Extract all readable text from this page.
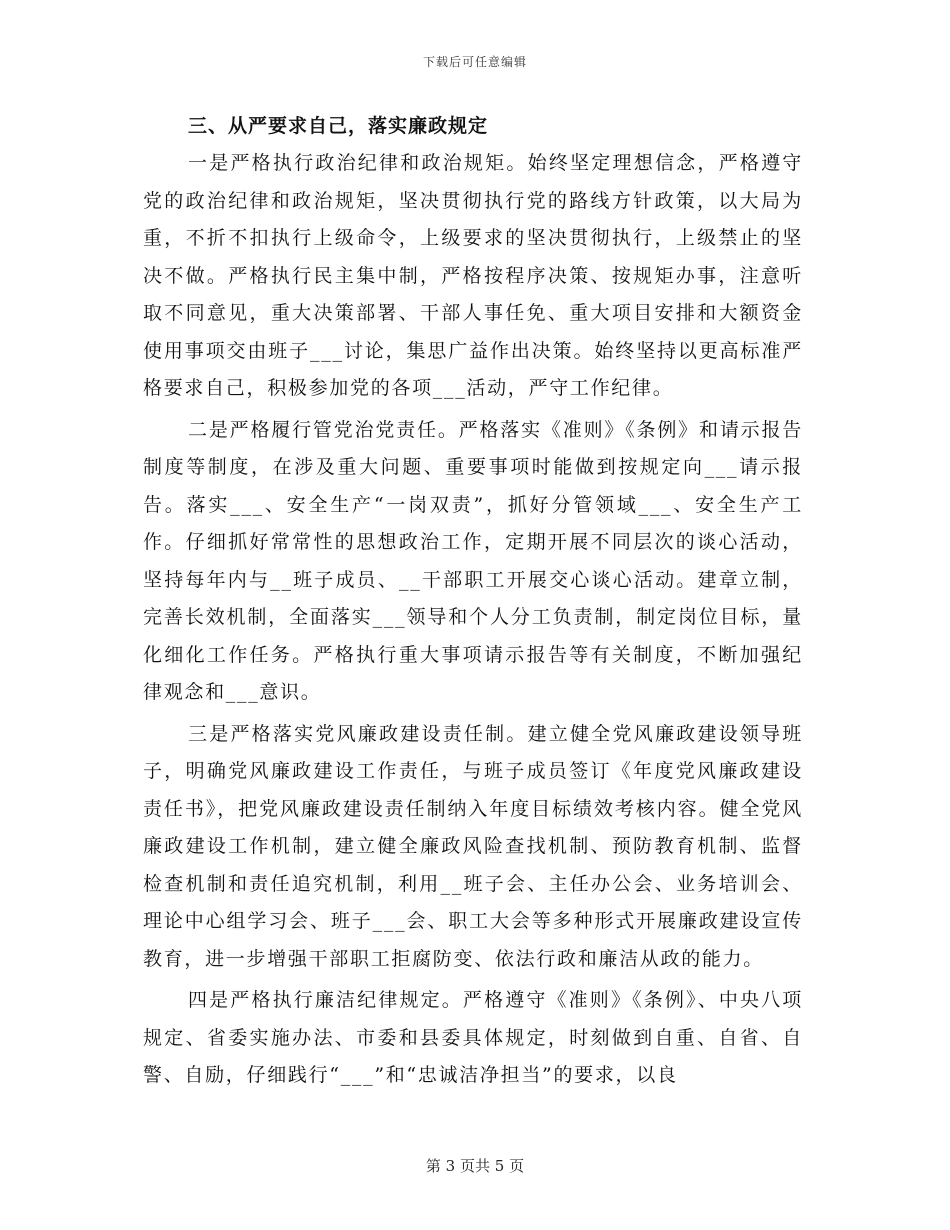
下载后可任意编辑
三、从严要求自己，落实廉政规定

一是严格执行政治纪律和政治规矩。始终坚定理想信念，严格遵守党的政治纪律和政治规矩，坚决贯彻执行党的路线方针政策，以大局为重，不折不扣执行上级命令，上级要求的坚决贯彻执行，上级禁止的坚决不做。严格执行民主集中制，严格按程序决策、按规矩办事，注意听取不同意见，重大决策部署、干部人事任免、重大项目安排和大额资金使用事项交由班子___讨论，集思广益作出决策。始终坚持以更高标准严格要求自己，积极参加党的各项___活动，严守工作纪律。

二是严格履行管党治党责任。严格落实《准则》《条例》和请示报告制度等制度，在涉及重大问题、重要事项时能做到按规定向___请示报告。落实___、安全生产“一岗双责”，抓好分管领域___、安全生产工作。仔细抓好常常性的思想政治工作，定期开展不同层次的谈心活动，坚持每年内与__班子成员、__干部职工开展交心谈心活动。建章立制，完善长效机制，全面落实___领导和个人分工负责制，制定岗位目标，量化细化工作任务。严格执行重大事项请示报告等有关制度，不断加强纪律观念和___意识。

三是严格落实党风廉政建设责任制。建立健全党风廉政建设领导班子，明确党风廉政建设工作责任，与班子成员签订《年度党风廉政建设责任书》，把党风廉政建设责任制纳入年度目标绩效考核内容。健全党风廉政建设工作机制，建立健全廉政风险查找机制、预防教育机制、监督检查机制和责任追究机制，利用__班子会、主任办公会、业务培训会、理论中心组学习会、班子___会、职工大会等多种形式开展廉政建设宣传教育，进一步增强干部职工拒腐防变、依法行政和廉洁从政的能力。

四是严格执行廉洁纪律规定。严格遵守《准则》《条例》、中央八项规定、省委实施办法、市委和县委具体规定，时刻做到自重、自省、自警、自励，仔细践行“___”和“忠诚洁净担当”的要求，以良

第 3 页共 5 页
